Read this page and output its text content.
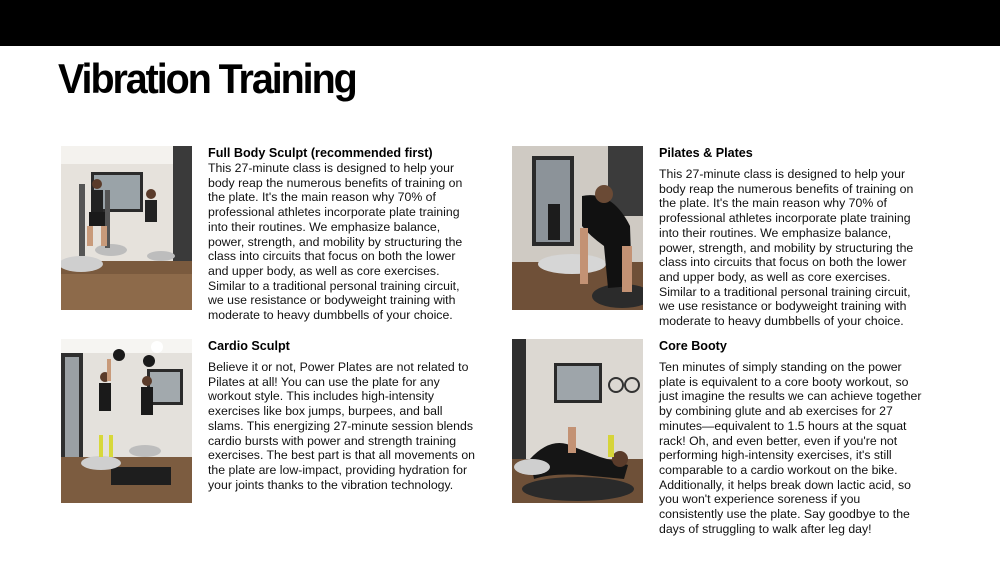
Vibration Training
Full Body Sculpt (recommended first)
This 27-minute class is designed to help your body reap the numerous benefits of training on the plate. It's the main reason why 70% of professional athletes incorporate plate training into their routines. We emphasize balance, power, strength, and mobility by structuring the class into circuits that focus on both the lower and upper body, as well as core exercises. Similar to a traditional personal training circuit, we use resistance or bodyweight training with moderate to heavy dumbbells of your choice.
Pilates & Plates
This 27-minute class is designed to help your body reap the numerous benefits of training on the plate. It's the main reason why 70% of professional athletes incorporate plate training into their routines. We emphasize balance, power, strength, and mobility by structuring the class into circuits that focus on both the lower and upper body, as well as core exercises. Similar to a traditional personal training circuit, we use resistance or bodyweight training with moderate to heavy dumbbells of your choice.
Cardio Sculpt
Believe it or not, Power Plates are not related to Pilates at all! You can use the plate for any workout style. This includes high-intensity exercises like box jumps, burpees, and ball slams. This energizing 27-minute session blends cardio bursts with power and strength training exercises. The best part is that all movements on the plate are low-impact, providing hydration for your joints thanks to the vibration technology.
Core Booty
Ten minutes of simply standing on the power plate is equivalent to a core booty workout, so just imagine the results we can achieve together by combining glute and ab exercises for 27 minutes—equivalent to 1.5 hours at the squat rack! Oh, and even better, even if you're not performing high-intensity exercises, it's still comparable to a cardio workout on the bike. Additionally, it helps break down lactic acid, so you won't experience soreness if you consistently use the plate. Say goodbye to the days of struggling to walk after leg day!
